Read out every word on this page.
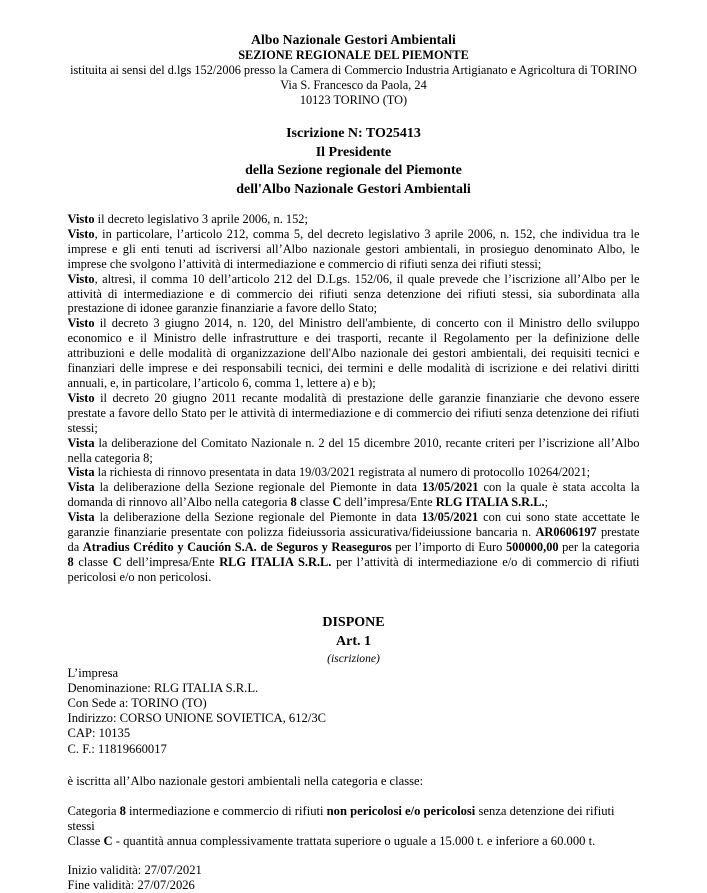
Albo Nazionale Gestori Ambientali
SEZIONE REGIONALE DEL PIEMONTE
istituita ai sensi del d.lgs 152/2006 presso la Camera di Commercio Industria Artigianato e Agricoltura di TORINO
Via S. Francesco da Paola, 24
10123 TORINO (TO)
Iscrizione N: TO25413
Il Presidente
della Sezione regionale del Piemonte
dell'Albo Nazionale Gestori Ambientali

Visto il decreto legislativo 3 aprile 2006, n. 152;

Visto, in particolare, l’articolo 212, comma 5, del decreto legislativo 3 aprile 2006, n. 152, che individua tra le imprese e gli enti tenuti ad iscriversi all’Albo nazionale gestori ambientali, in prosieguo denominato Albo, le imprese che svolgono l’attività di intermediazione e commercio di rifiuti senza dei rifiuti stessi;

Visto, altresì, il comma 10 dell’articolo 212 del D.Lgs. 152/06, il quale prevede che l’iscrizione all’Albo per le attività di intermediazione e di commercio dei rifiuti senza detenzione dei rifiuti stessi, sia subordinata alla prestazione di idonee garanzie finanziarie a favore dello Stato;

Visto il decreto 3 giugno 2014, n. 120, del Ministro dell'ambiente, di concerto con il Ministro dello sviluppo economico e il Ministro delle infrastrutture e dei trasporti, recante il Regolamento per la definizione delle attribuzioni e delle modalità di organizzazione dell'Albo nazionale dei gestori ambientali, dei requisiti tecnici e finanziari delle imprese e dei responsabili tecnici, dei termini e delle modalità di iscrizione e dei relativi diritti annuali, e, in particolare, l’articolo 6, comma 1, lettere a) e b);

Visto il decreto 20 giugno 2011 recante modalità di prestazione delle garanzie finanziarie che devono essere prestate a favore dello Stato per le attività di intermediazione e di commercio dei rifiuti senza detenzione dei rifiuti stessi;

Vista la deliberazione del Comitato Nazionale n. 2 del 15 dicembre 2010, recante criteri per l’iscrizione all’Albo nella categoria 8;

Vista la richiesta di rinnovo presentata in data 19/03/2021 registrata al numero di protocollo 10264/2021;

Vista la deliberazione della Sezione regionale del Piemonte in data 13/05/2021 con la quale è stata accolta la domanda di rinnovo all’Albo nella categoria 8 classe C dell’impresa/Ente RLG ITALIA S.R.L.;

Vista la deliberazione della Sezione regionale del Piemonte in data 13/05/2021 con cui sono state accettate le garanzie finanziarie presentate con polizza fideiussoria assicurativa/fideiussione bancaria n. AR0606197 prestate da Atradius Crédito y Caución S.A. de Seguros y Reaseguros per l’importo di Euro 500000,00 per la categoria 8 classe C dell’impresa/Ente RLG ITALIA S.R.L. per l’attività di intermediazione e/o di commercio di rifiuti pericolosi e/o non pericolosi.

DISPONE
Art. 1
(iscrizione)
L’impresa
Denominazione: RLG ITALIA S.R.L.
Con Sede a: TORINO (TO)
Indirizzo: CORSO UNIONE SOVIETICA, 612/3C
CAP: 10135
C. F.: 11819660017
è iscritta all’Albo nazionale gestori ambientali nella categoria e classe:
Categoria 8 intermediazione e commercio di rifiuti non pericolosi e/o pericolosi senza detenzione dei rifiuti stessi
Classe C - quantità annua complessivamente trattata superiore o uguale a 15.000 t. e inferiore a 60.000 t.
Inizio validità: 27/07/2021
Fine validità: 27/07/2026
